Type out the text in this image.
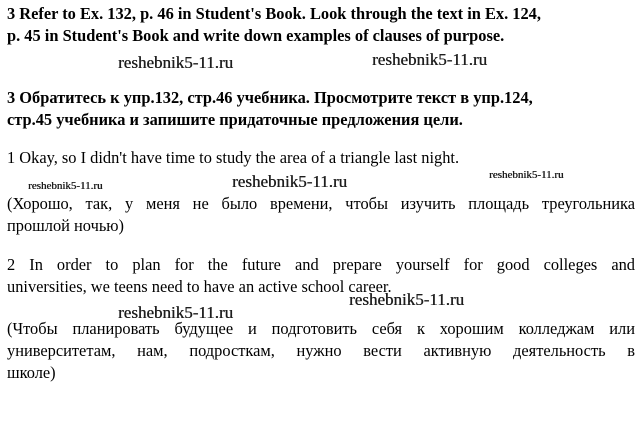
3 Refer to Ex. 132, p. 46 in Student's Book. Look through the text in Ex. 124,
p. 45 in Student's Book and write down examples of clauses of purpose.

3 Обратитесь к упр.132, стр.46 учебника. Просмотрите текст в упр.124,
стр.45 учебника и запишите придаточные предложения цели.

1 Okay, so I didn't have time to study the area of a triangle last night.

(Хорошо, так, у меня не было времени, чтобы изучить площадь треугольника
прошлой ночью)

2 In order to plan for the future and prepare yourself for good colleges and
universities, we teens need to have an active school career.

(Чтобы планировать будущее и подготовить себя к хорошим колледжам или
университетам, нам, подросткам, нужно вести активную деятельность в
школе)

reshebnik5-11.ru	reshebnik5-11.ru
reshebnik5-11.ru	reshebnik5-11.ru	reshebnik5-11.ru
reshebnik5-11.ru
reshebnik5-11.ru
